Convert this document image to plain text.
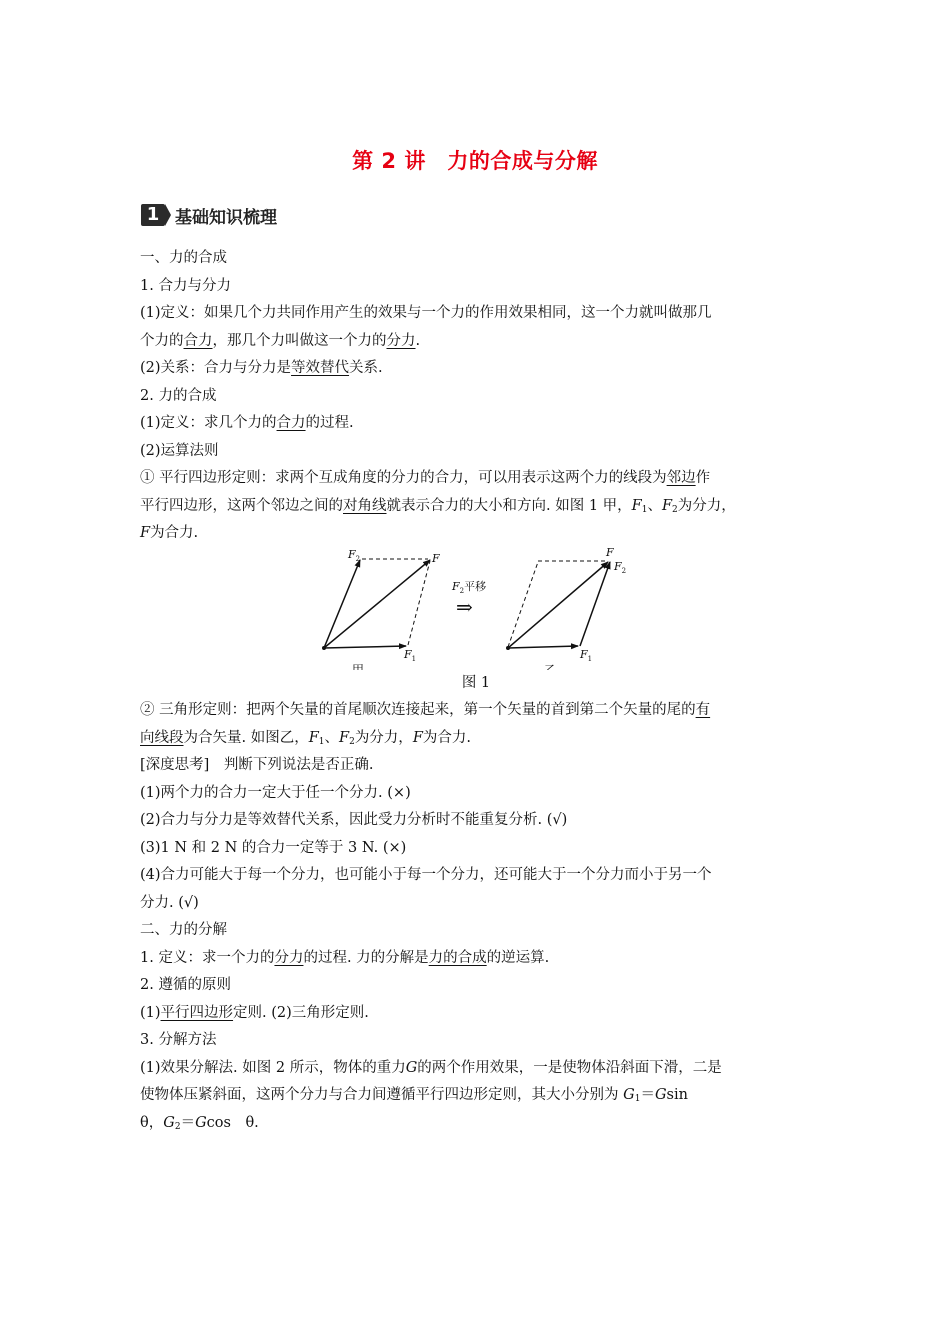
第 2 讲　力的合成与分解
1 基础知识梳理
一、力的合成
1. 合力与分力
(1)定义：如果几个力共同作用产生的效果与一个力的作用效果相同，这一个力就叫做那几
个力的合力，那几个力叫做这一个力的分力.
(2)关系：合力与分力是等效替代关系.
2. 力的合成
(1)定义：求几个力的合力的过程.
(2)运算法则
① 平行四边形定则：求两个互成角度的分力的合力，可以用表示这两个力的线段为邻边作
平行四边形，这两个邻边之间的对角线就表示合力的大小和方向. 如图 1 甲，$F_1$、$F_2$为分力，
F为合力.
$F_2$	F
$F_1$
甲
$F_2$平移
⇒
F
$F_2$
$F_1$
乙
图 1
② 三角形定则：把两个矢量的首尾顺次连接起来，第一个矢量的首到第二个矢量的尾的有
向线段为合矢量. 如图乙，$F_1$、$F_2$为分力，F为合力.
[深度思考]　判断下列说法是否正确.
(1)两个力的合力一定大于任一个分力. (×)
(2)合力与分力是等效替代关系，因此受力分析时不能重复分析. (√)
(3)1 N 和 2 N 的合力一定等于 3 N. (×)
(4)合力可能大于每一个分力，也可能小于每一个分力，还可能大于一个分力而小于另一个
分力. (√)
二、力的分解
1. 定义：求一个力的分力的过程. 力的分解是力的合成的逆运算.
2. 遵循的原则
(1)平行四边形定则. (2)三角形定则.
3. 分解方法
(1)效果分解法. 如图 2 所示，物体的重力G的两个作用效果，一是使物体沿斜面下滑，二是
使物体压紧斜面，这两个分力与合力间遵循平行四边形定则，其大小分别为 $G_1=Gsin$
θ，$G_2=Gcos$　θ.
